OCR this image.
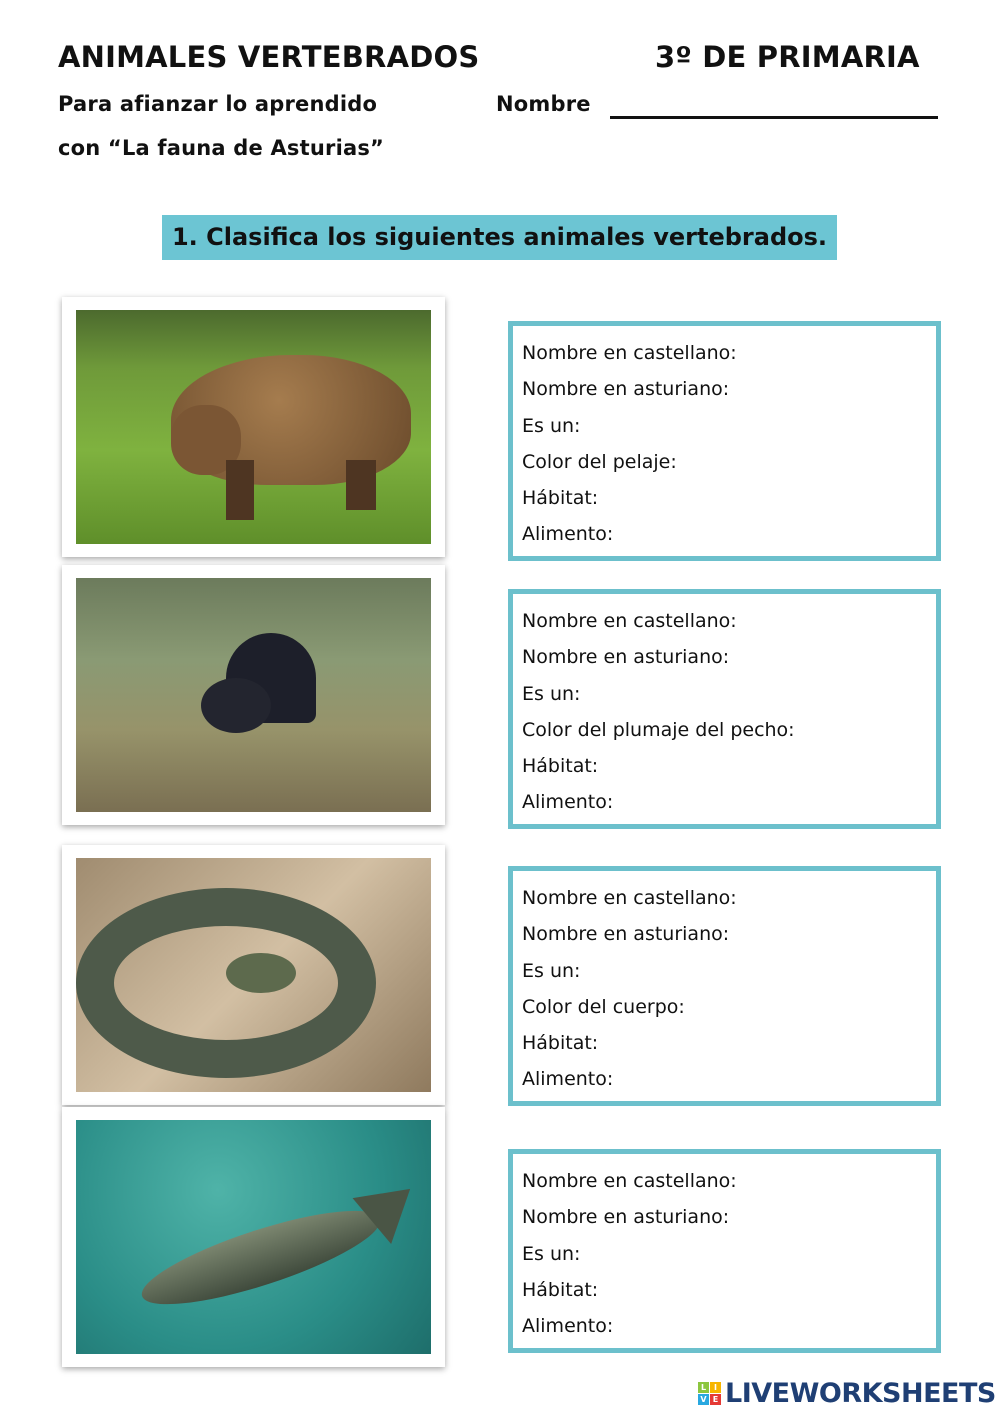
ANIMALES VERTEBRADOS	3º DE PRIMARIA
Para afianzar lo aprendido
con “La fauna de Asturias”
Nombre
1. Clasifica los siguientes animales vertebrados.
Nombre en castellano:
Nombre en asturiano:
Es un:
Color del pelaje:
Hábitat:
Alimento:
Nombre en castellano:
Nombre en asturiano:
Es un:
Color del plumaje del pecho:
Hábitat:
Alimento:
Nombre en castellano:
Nombre en asturiano:
Es un:
Color del cuerpo:
Hábitat:
Alimento:
Nombre en castellano:
Nombre en asturiano:
Es un:
Hábitat:
Alimento:
L I
V E LIVEWORKSHEETS
